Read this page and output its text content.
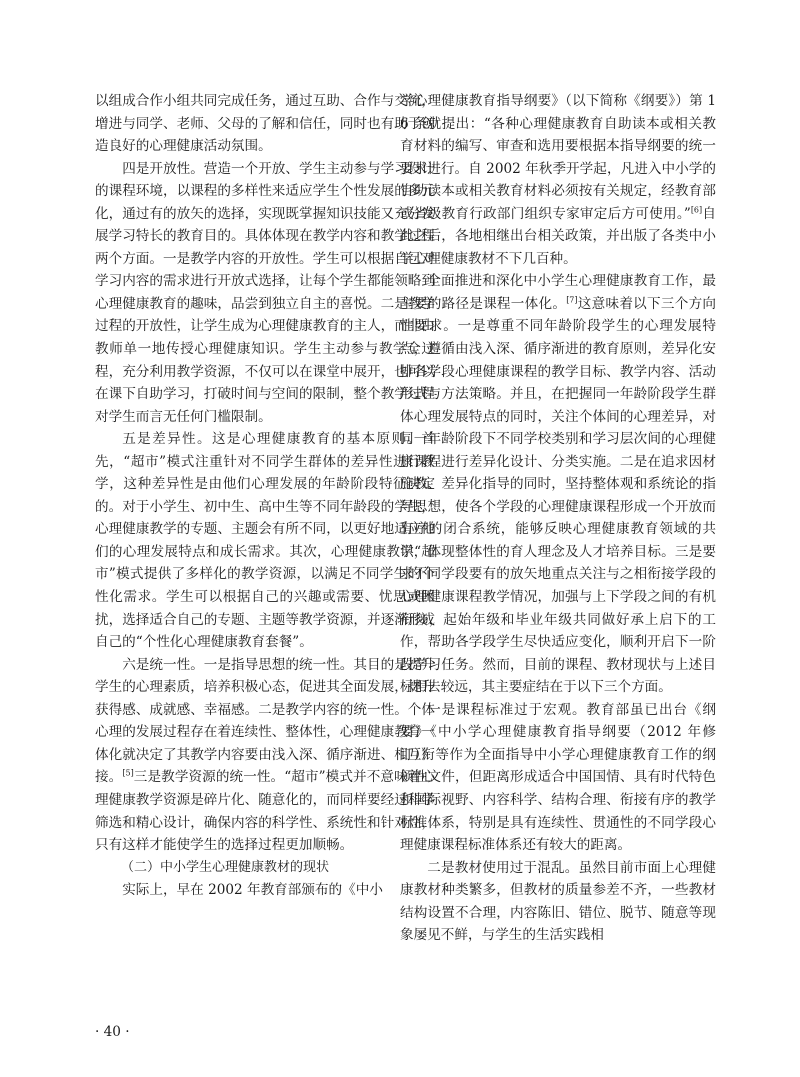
以组成合作小组共同完成任务，通过互助、合作与交流，增进与同学、老师、父母的了解和信任，同时也有助于创造良好的心理健康活动氛围。

四是开放性。营造一个开放、学生主动参与学习设计的课程环境，以课程的多样性来适应学生个性发展的多元化，通过有的放矢的选择，实现既掌握知识技能又充分发展学习特长的教育目的。具体体现在教学内容和教学过程两个方面。一是教学内容的开放性。学生可以根据自己对学习内容的需求进行开放式选择，让每个学生都能领略到心理健康教育的趣味，品尝到独立自主的喜悦。二是教学过程的开放性，让学生成为心理健康教育的主人，而非由教师单一地传授心理健康知识。学生主动参与教学全过程，充分利用教学资源，不仅可以在课堂中展开，也可以在课下自助学习，打破时间与空间的限制，整个教学过程对学生而言无任何门槛限制。

五是差异性。这是心理健康教育的基本原则。首先，“超市”模式注重针对不同学生群体的差异性进行教学，这种差异性是由他们心理发展的年龄阶段特征决定的。对于小学生、初中生、高中生等不同年龄段的学生，心理健康教学的专题、主题会有所不同，以更好地适应他们的心理发展特点和成长需求。其次，心理健康教学“超市”模式提供了多样化的教学资源，以满足不同学生的个性化需求。学生可以根据自己的兴趣或需要、忧思或困扰，选择适合自己的专题、主题等教学资源，并逐渐形成自己的“个性化心理健康教育套餐”。

六是统一性。一是指导思想的统一性。其目的是提升学生的心理素质，培养积极心态，促进其全面发展，提升获得感、成就感、幸福感。二是教学内容的统一性。个体心理的发展过程存在着连续性、整体性，心理健康教育一体化就决定了其教学内容要由浅入深、循序渐进、相互衔接。[5]三是教学资源的统一性。“超市”模式并不意味着心理健康教学资源是碎片化、随意化的，而同样要经过科学筛选和精心设计，确保内容的科学性、系统性和针对性，只有这样才能使学生的选择过程更加顺畅。

（二）中小学生心理健康教材的现状

实际上，早在 2002 年教育部颁布的《中小

学心理健康教育指导纲要》（以下简称《纲要》）第 16 条就提出：“各种心理健康教育自助读本或相关教育材料的编写、审查和选用要根据本指导纲要的统一要求进行。自 2002 年秋季开学起，凡进入中小学的自助读本或相关教育材料必须按有关规定，经教育部或省级教育行政部门组织专家审定后方可使用。”[6]自此之后，各地相继出台相关政策，并出版了各类中小学心理健康教材不下几百种。

全面推进和深化中小学生心理健康教育工作，最主要的路径是课程一体化。[7]这意味着以下三个方向性要求。一是尊重不同年龄阶段学生的心理发展特点，遵循由浅入深、循序渐进的教育原则，差异化安排各学段心理健康课程的教学目标、教学内容、活动形式与方法策略。并且，在把握同一年龄阶段学生群体心理发展特点的同时，关注个体间的心理差异，对同一年龄阶段下不同学校类别和学习层次间的心理健康课程进行差异化设计、分类实施。二是在追求因材施教、差异化指导的同时，坚持整体观和系统论的指导思想，使各个学段的心理健康课程形成一个开放而有序的闭合系统，能够反映心理健康教育领域的共识，体现整体性的育人理念及人才培养目标。三是要求不同学段要有的放矢地重点关注与之相衔接学段的心理健康课程教学情况，加强与上下学段之间的有机衔接，起始年级和毕业年级共同做好承上启下的工作，帮助各学段学生尽快适应变化，顺利开启下一阶段学习任务。然而，目前的课程、教材现状与上述目标相去较远，其主要症结在于以下三个方面。

一是课程标准过于宏观。教育部虽已出台《纲要》《中小学心理健康教育指导纲要（2012 年修订）》等作为全面指导中小学心理健康教育工作的纲领性文件，但距离形成适合中国国情、具有时代特色和国际视野、内容科学、结构合理、衔接有序的教学标准体系，特别是具有连续性、贯通性的不同学段心理健康课程标准体系还有较大的距离。

二是教材使用过于混乱。虽然目前市面上心理健康教材种类繁多，但教材的质量参差不齐，一些教材结构设置不合理，内容陈旧、错位、脱节、随意等现象屡见不鲜，与学生的生活实践相

· 40 ·
